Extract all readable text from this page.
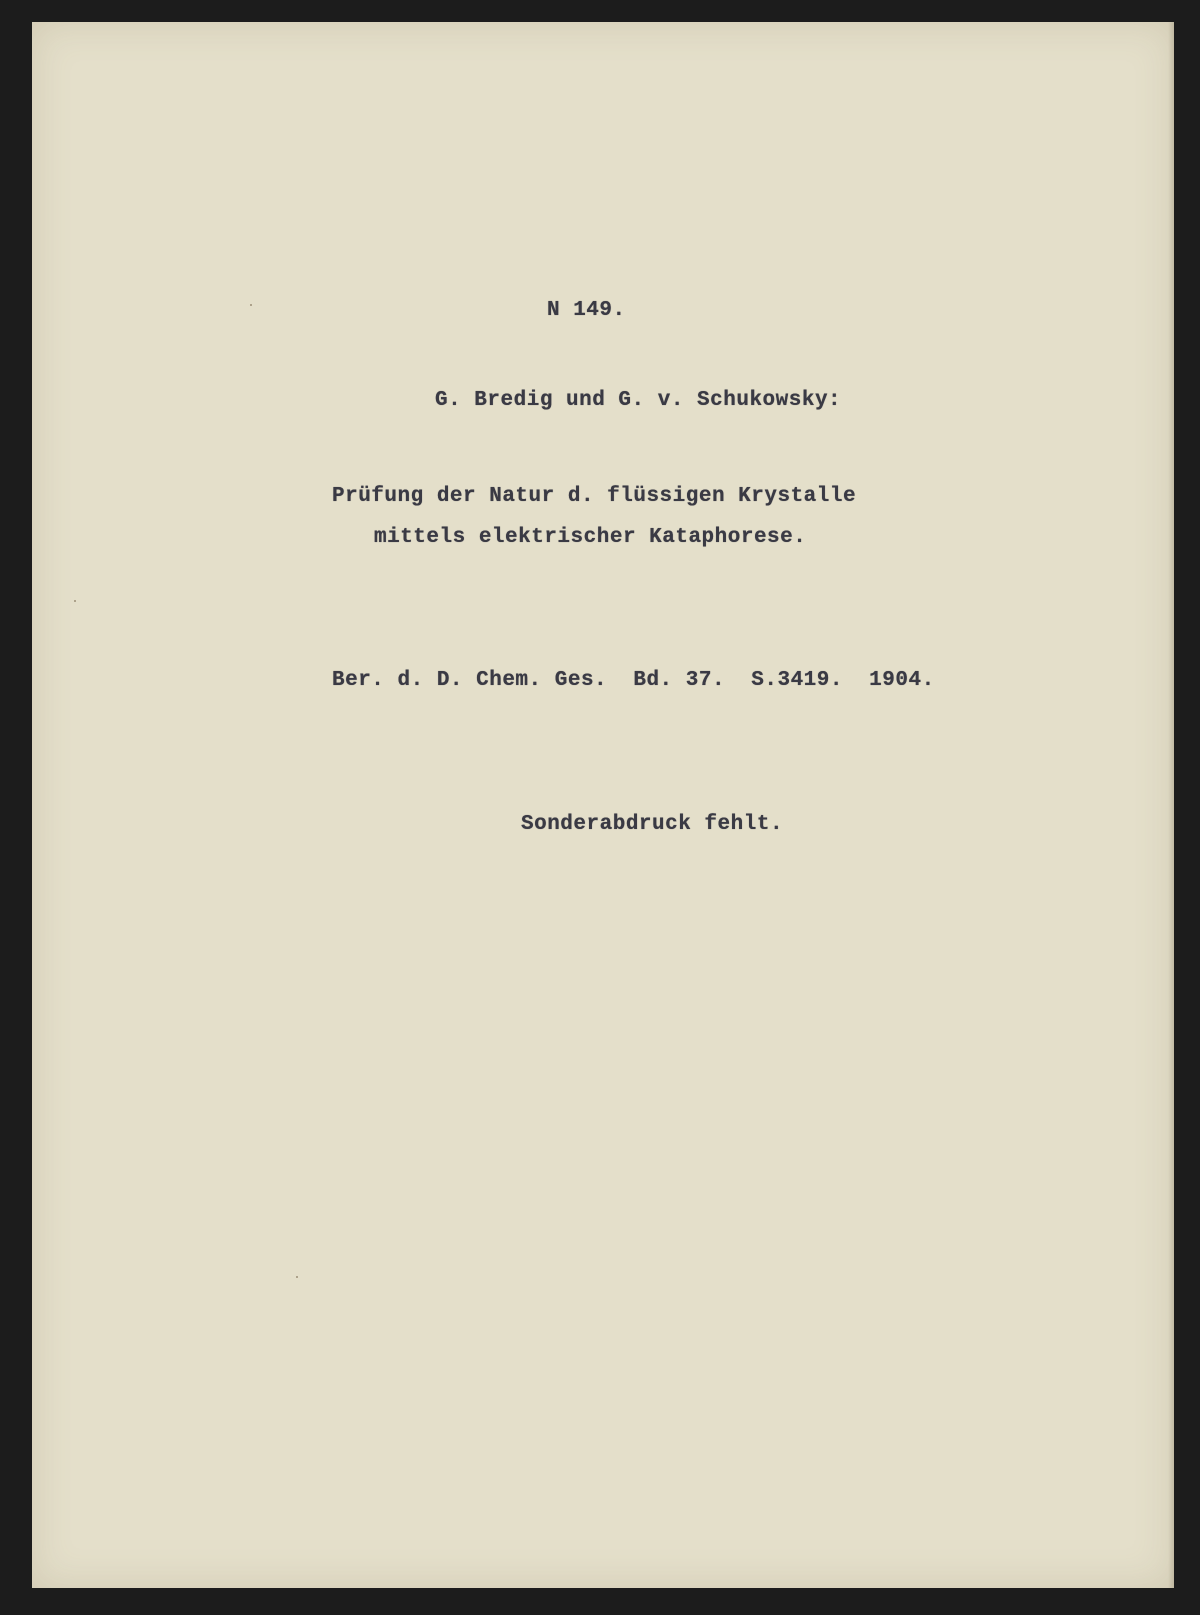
N 149.
G. Bredig und G. v. Schukowsky:
Prüfung der Natur d. flüssigen Krystalle
mittels elektrischer Kataphorese.
Ber. d. D. Chem. Ges.  Bd. 37.  S.3419.  1904.
Sonderabdruck fehlt.
